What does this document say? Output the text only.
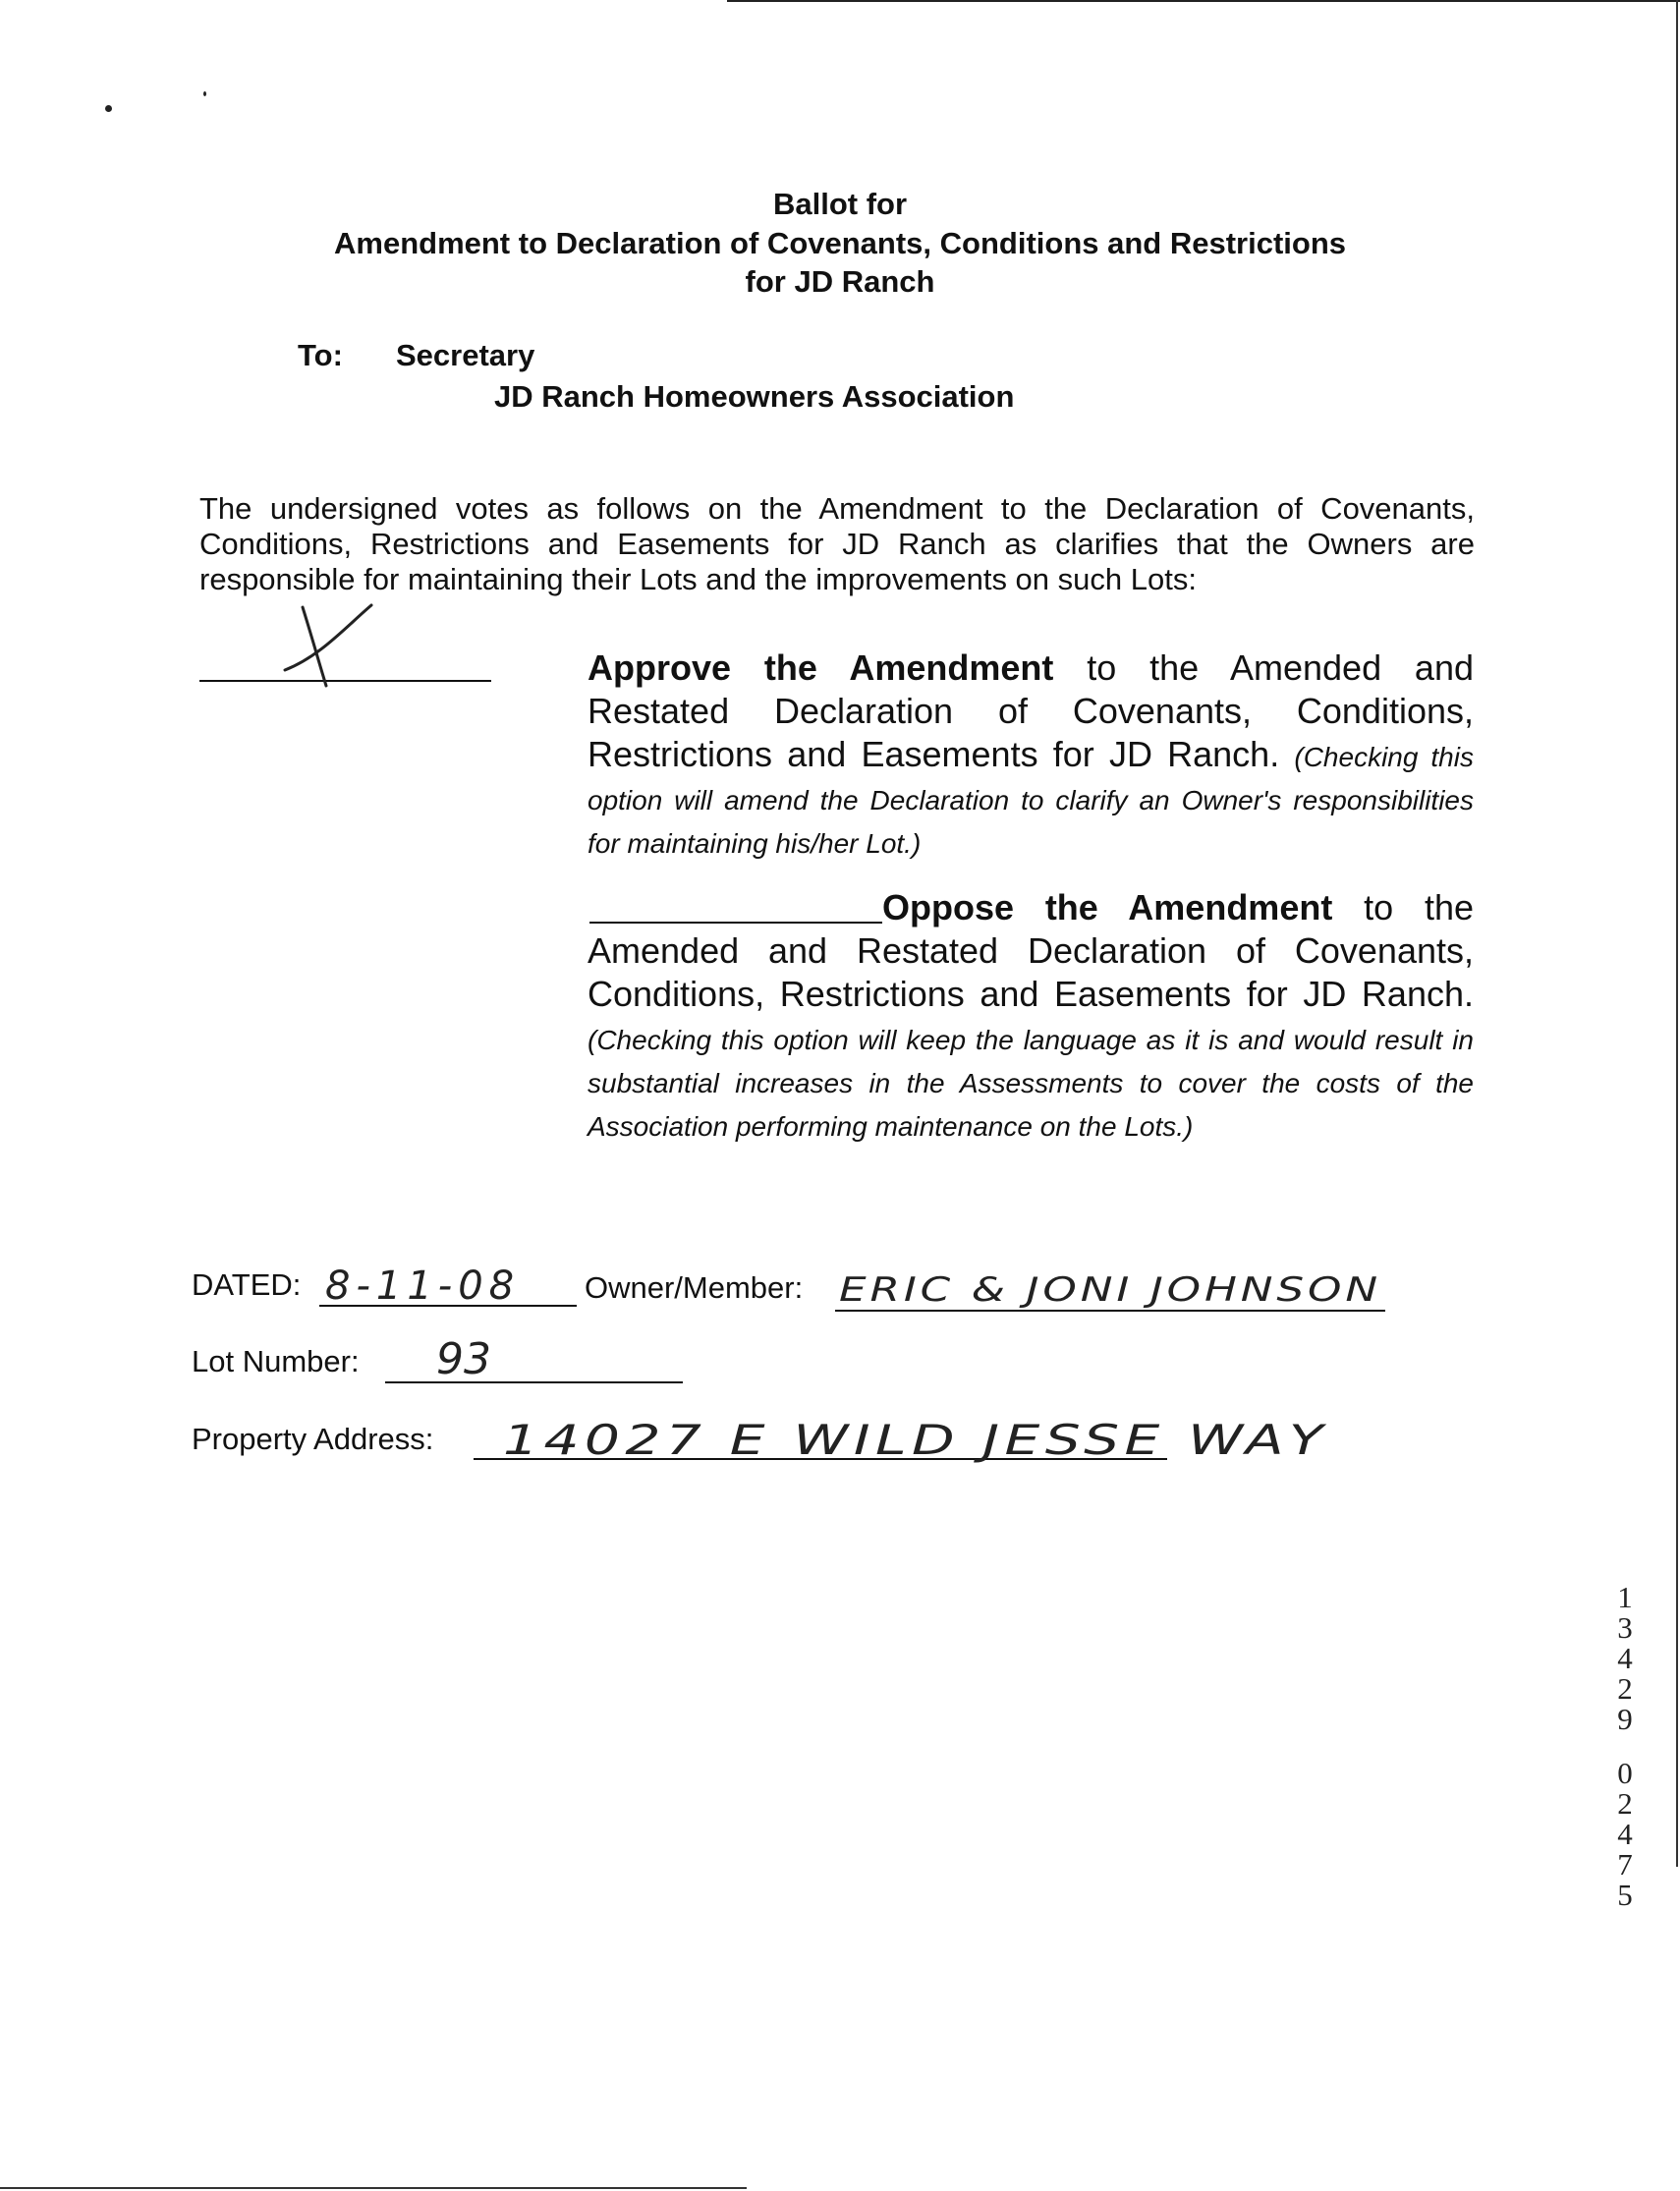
Ballot for
Amendment to Declaration of Covenants, Conditions and Restrictions
for JD Ranch
To: Secretary
JD Ranch Homeowners Association
The undersigned votes as follows on the Amendment to the Declaration of Covenants, Conditions, Restrictions and Easements for JD Ranch as clarifies that the Owners are responsible for maintaining their Lots and the improvements on such Lots:
Approve the Amendment to the Amended and Restated Declaration of Covenants, Conditions, Restrictions and Easements for JD Ranch. (Checking this option will amend the Declaration to clarify an Owner's responsibilities for maintaining his/her Lot.)
Oppose the Amendment to the Amended and Restated Declaration of Covenants, Conditions, Restrictions and Easements for JD Ranch. (Checking this option will keep the language as it is and would result in substantial increases in the Assessments to cover the costs of the Association performing maintenance on the Lots.)
DATED: 8-11-08 Owner/Member: ERIC & JONI JOHNSON
Lot Number: 93
Property Address: 14027 E WILD JESSE WAY
1
3
4
2
9
0
2
4
7
5
